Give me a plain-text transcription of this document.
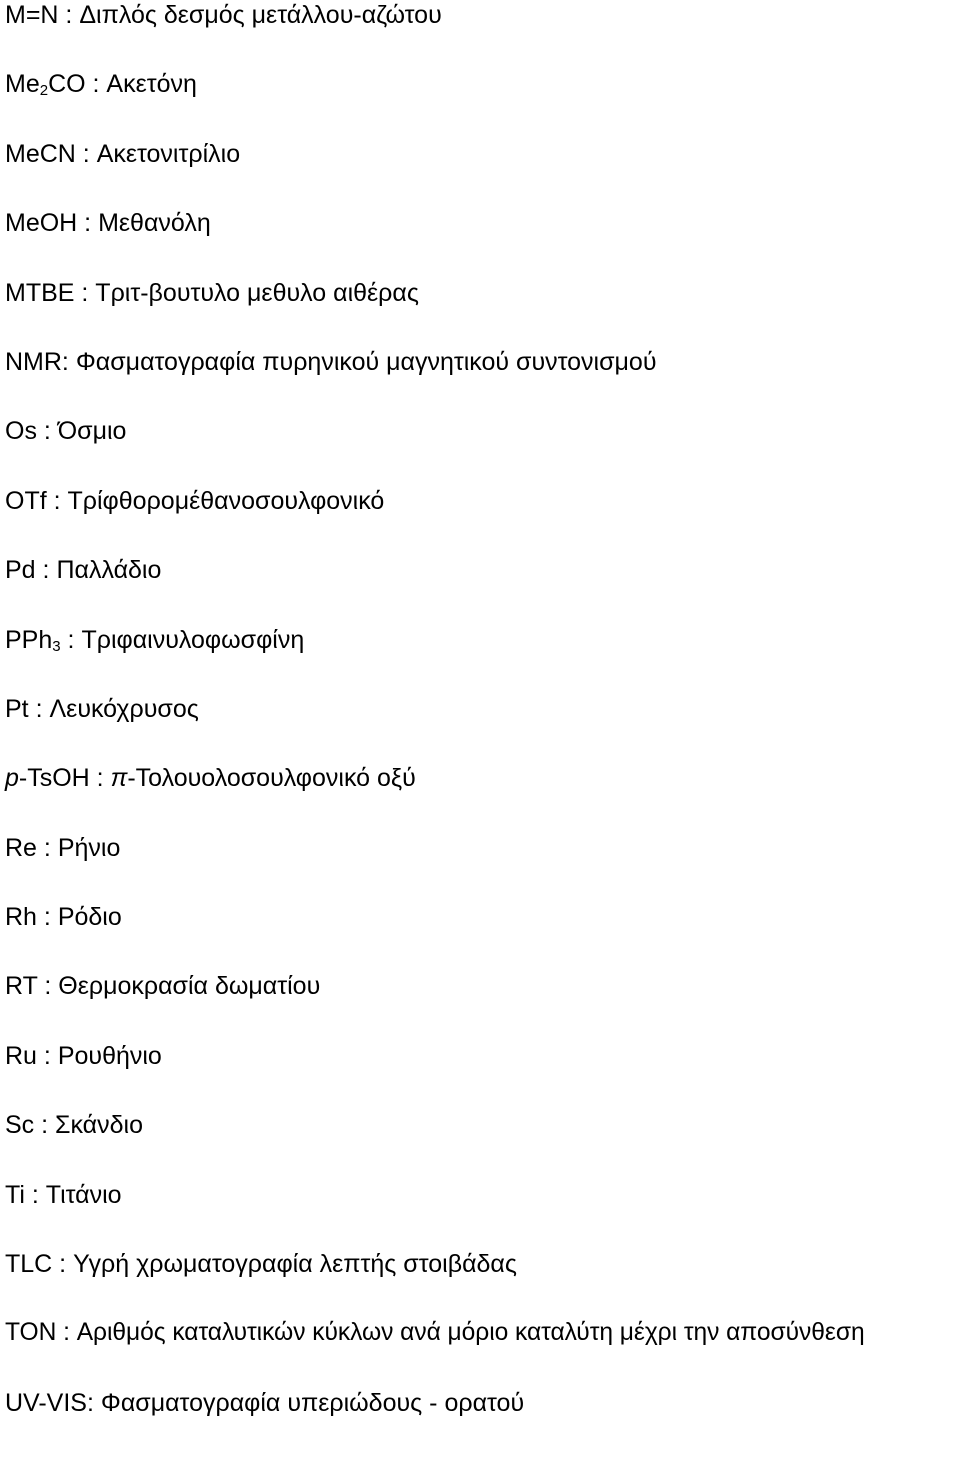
M=N : Διπλός δεσμός μετάλλου-αζώτου
$Me_2CO$ : Ακετόνη
MeCN : Ακετονιτρίλιο
MeOH : Μεθανόλη
MTBE : Τριτ-βουτυλο μεθυλο αιθέρας
NMR: Φασματογραφία πυρηνικού μαγνητικού συντονισμού
Os : Όσμιο
OTf : Τρίφθορομέθανοσουλφονικό
Pd : Παλλάδιο
PPh$_3$ : Τριφαινυλοφωσφίνη
Pt : Λευκόχρυσος
p-TsOH : π-Τολουολοσουλφονικό οξύ
Re : Ρήνιο
Rh : Ρόδιο
RT : Θερμοκρασία δωματίου
Ru : Ρουθήνιο
Sc : Σκάνδιο
Ti : Τιτάνιο
TLC : Υγρή χρωματογραφία λεπτής στοιβάδας
TON : Αριθμός καταλυτικών κύκλων ανά μόριο καταλύτη μέχρι την αποσύνθεση
UV-VIS: Φασματογραφία υπεριώδους - ορατού
